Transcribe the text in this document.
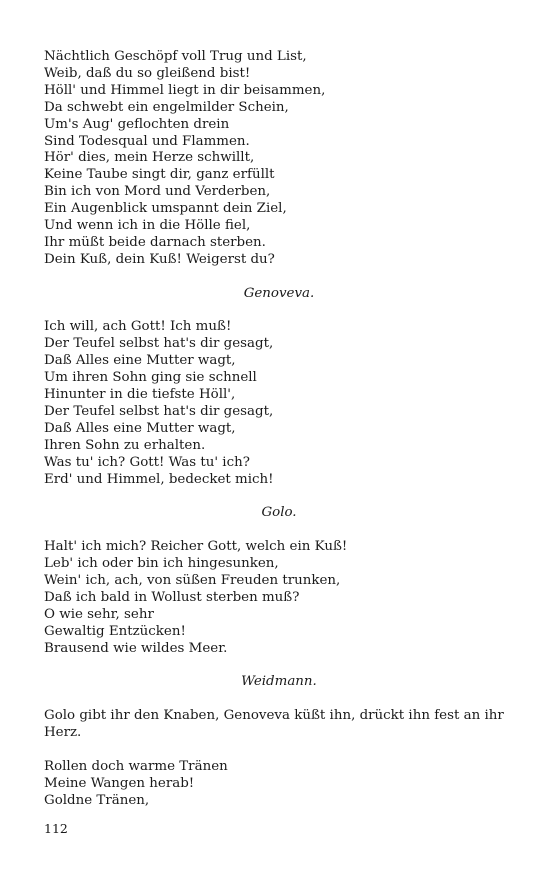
Nächtlich Geschöpf voll Trug und List,
Weib, daß du so gleißend bist!
Höll' und Himmel liegt in dir beisammen,
Da schwebt ein engelmilder Schein,
Um's Aug' geflochten drein
Sind Todesqual und Flammen.
Hör' dies, mein Herze schwillt,
Keine Taube singt dir, ganz erfüllt
Bin ich von Mord und Verderben,
Ein Augenblick umspannt dein Ziel,
Und wenn ich in die Hölle fiel,
Ihr müßt beide darnach sterben.
Dein Kuß, dein Kuß! Weigerst du?
Genoveva.
Ich will, ach Gott! Ich muß!
Der Teufel selbst hat's dir gesagt,
Daß Alles eine Mutter wagt,
Um ihren Sohn ging sie schnell
Hinunter in die tiefste Höll',
Der Teufel selbst hat's dir gesagt,
Daß Alles eine Mutter wagt,
Ihren Sohn zu erhalten.
Was tu' ich? Gott! Was tu' ich?
Erd' und Himmel, bedecket mich!
Golo.
Halt' ich mich? Reicher Gott, welch ein Kuß!
Leb' ich oder bin ich hingesunken,
Wein' ich, ach, von süßen Freuden trunken,
Daß ich bald in Wollust sterben muß?
O wie sehr, sehr
Gewaltig Entzücken!
Brausend wie wildes Meer.
Weidmann.
Golo gibt ihr den Knaben, Genoveva küßt ihn, drückt ihn fest an ihr Herz.
Rollen doch warme Tränen
Meine Wangen herab!
Goldne Tränen,
112
